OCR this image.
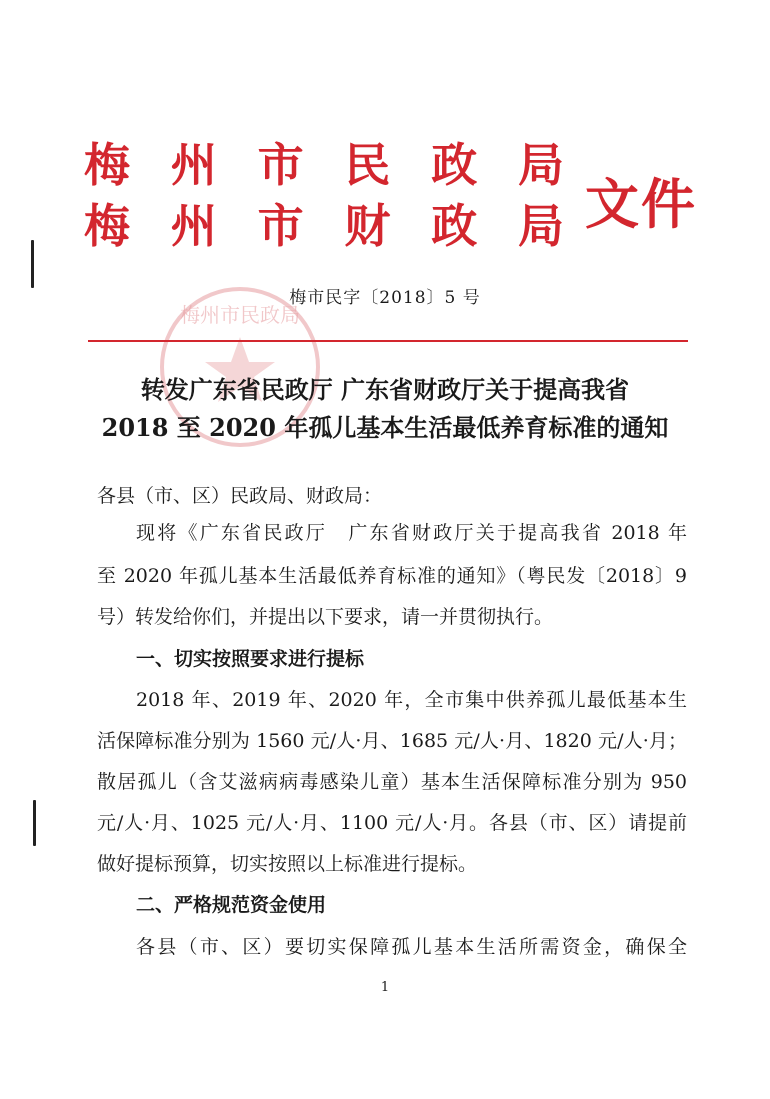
梅 州 市 民 政 局
梅 州 市 财 政 局 文件
梅州市民政局
梅市民字〔2018〕5 号
转发广东省民政厅 广东省财政厅关于提高我省
2018 至 2020 年孤儿基本生活最低养育标准的通知
各县（市、区）民政局、财政局：
现将《广东省民政厅　广东省财政厅关于提高我省 2018 年
至 2020 年孤儿基本生活最低养育标准的通知》（粤民发〔2018〕9
号）转发给你们，并提出以下要求，请一并贯彻执行。
一、切实按照要求进行提标
2018 年、2019 年、2020 年，全市集中供养孤儿最低基本生
活保障标准分别为 1560 元/人·月、1685 元/人·月、1820 元/人·月；
散居孤儿（含艾滋病病毒感染儿童）基本生活保障标准分别为 950
元/人·月、1025 元/人·月、1100 元/人·月。各县（市、区）请提前
做好提标预算，切实按照以上标准进行提标。
二、严格规范资金使用
各县（市、区）要切实保障孤儿基本生活所需资金，确保全
1
